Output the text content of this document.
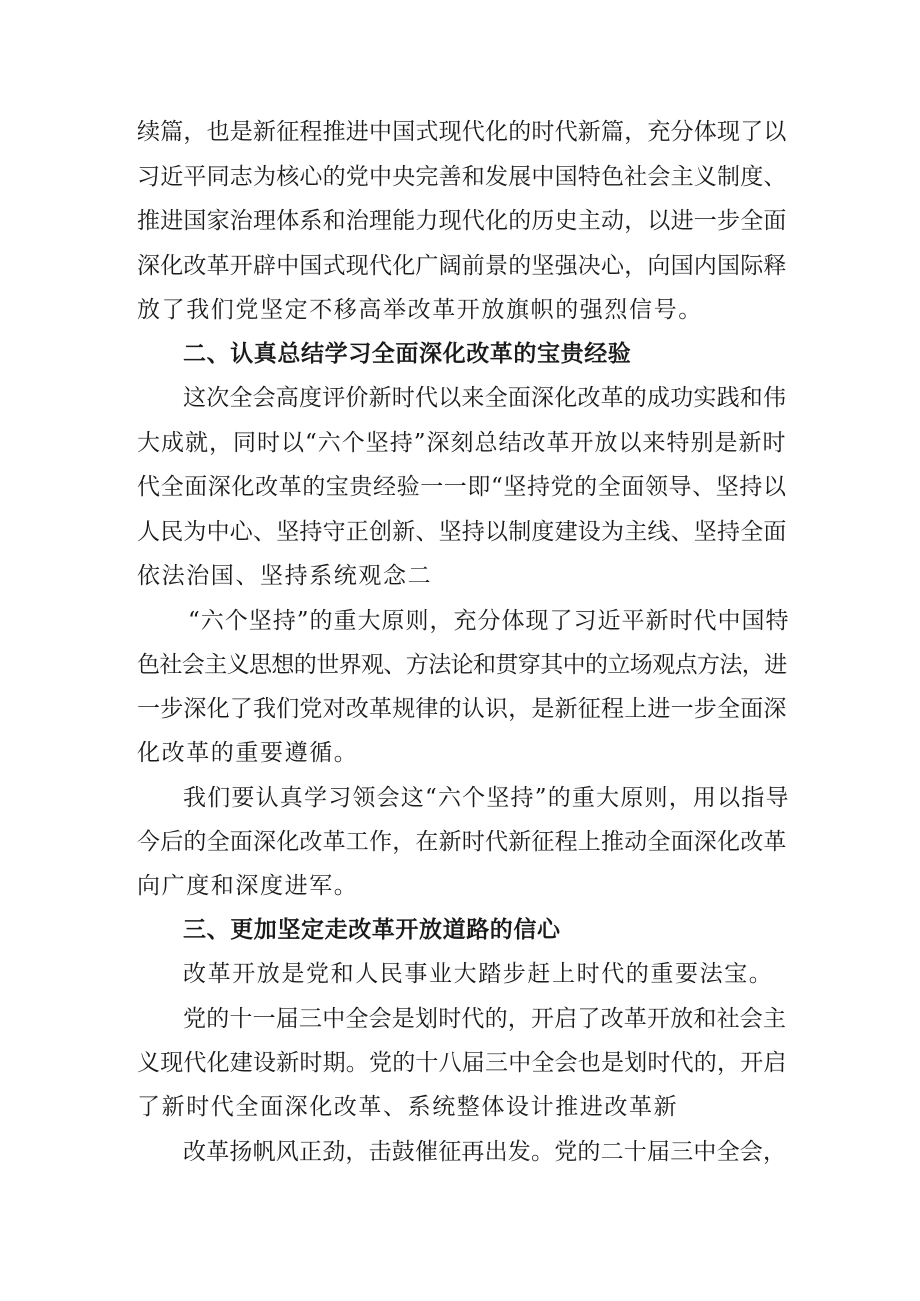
续篇，也是新征程推进中国式现代化的时代新篇，充分体现了以
习近平同志为核心的党中央完善和发展中国特色社会主义制度、
推进国家治理体系和治理能力现代化的历史主动，以进一步全面
深化改革开辟中国式现代化广阔前景的坚强决心，向国内国际释
放了我们党坚定不移高举改革开放旗帜的强烈信号。
二、认真总结学习全面深化改革的宝贵经验
这次全会高度评价新时代以来全面深化改革的成功实践和伟
大成就，同时以“六个坚持”深刻总结改革开放以来特别是新时
代全面深化改革的宝贵经验一一即“坚持党的全面领导、坚持以
人民为中心、坚持守正创新、坚持以制度建设为主线、坚持全面
依法治国、坚持系统观念二
“六个坚持”的重大原则，充分体现了习近平新时代中国特
色社会主义思想的世界观、方法论和贯穿其中的立场观点方法，进
一步深化了我们党对改革规律的认识，是新征程上进一步全面深
化改革的重要遵循。
我们要认真学习领会这“六个坚持”的重大原则，用以指导
今后的全面深化改革工作，在新时代新征程上推动全面深化改革
向广度和深度进军。
三、更加坚定走改革开放道路的信心
改革开放是党和人民事业大踏步赶上时代的重要法宝。
党的十一届三中全会是划时代的，开启了改革开放和社会主
义现代化建设新时期。党的十八届三中全会也是划时代的，开启
了新时代全面深化改革、系统整体设计推进改革新
改革扬帆风正劲，击鼓催征再出发。党的二十届三中全会，
